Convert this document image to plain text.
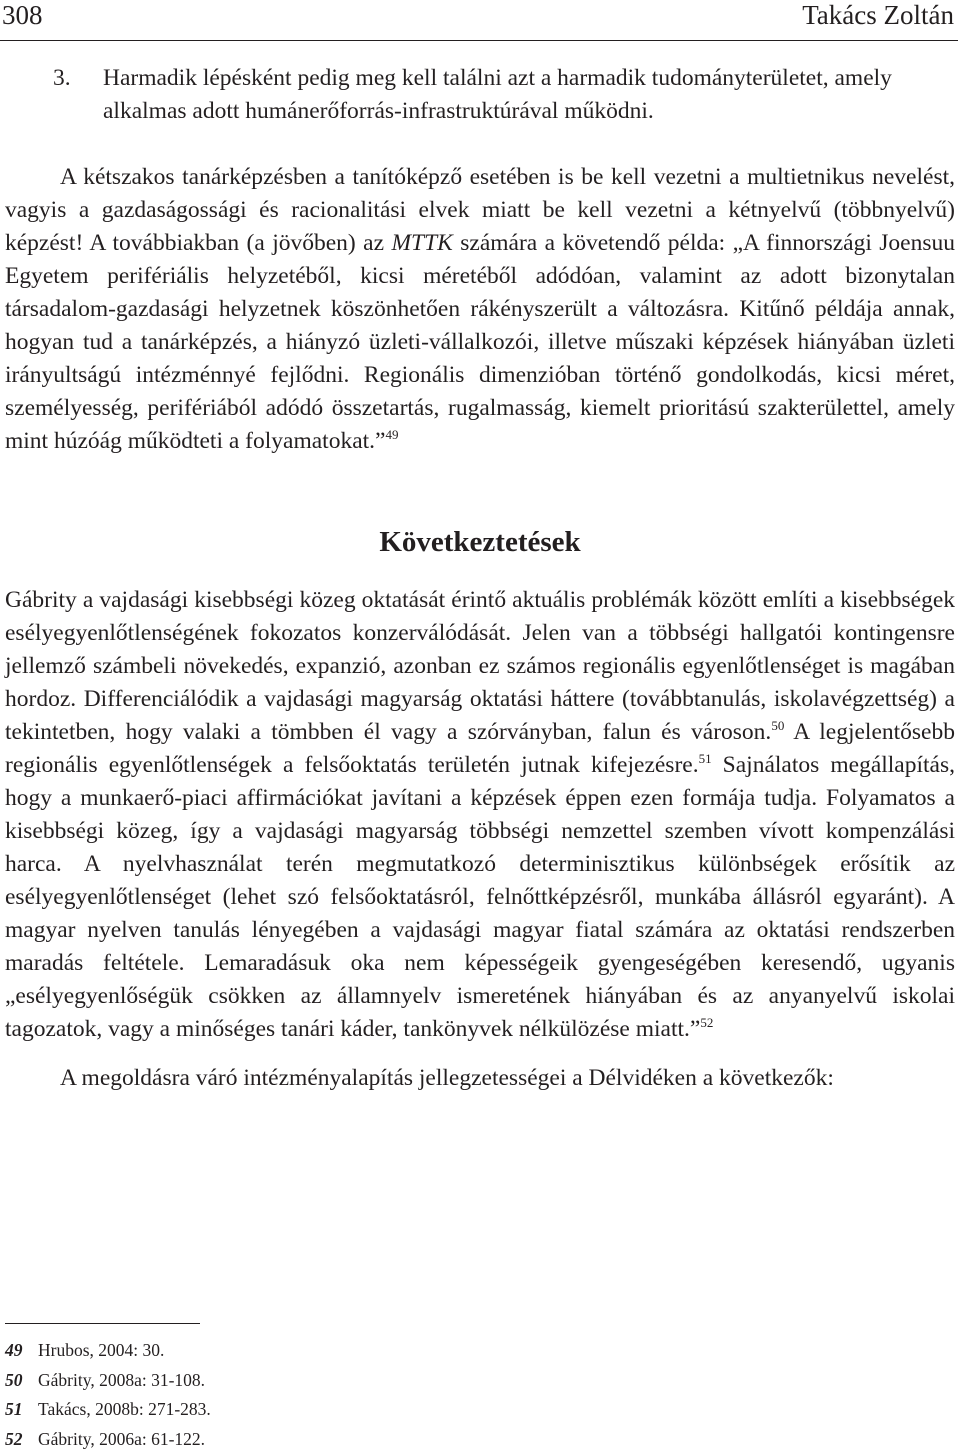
308	Takács Zoltán

3. Harmadik lépésként pedig meg kell találni azt a harmadik tudományterületet, amely alkalmas adott humánerőforrás-infrastruktúrával működni.

A kétszakos tanárképzésben a tanítóképző esetében is be kell vezetni a multietnikus nevelést, vagyis a gazdaságossági és racionalitási elvek miatt be kell vezetni a kétnyelvű (többnyelvű) képzést! A továbbiakban (a jövőben) az MTTK számára a követendő példa: „A finnországi Joensuu Egyetem perifériális helyzetéből, kicsi méretéből adódóan, valamint az adott bizonytalan társadalom-gazdasági helyzetnek köszönhetően rákényszerült a változásra. Kitűnő példája annak, hogyan tud a tanárképzés, a hiányzó üzleti-vállalkozói, illetve műszaki képzések hiányában üzleti irányultságú intézménnyé fejlődni. Regionális dimenzióban történő gondolkodás, kicsi méret, személyesség, perifériából adódó összetartás, rugalmasság, kiemelt prioritású szakterülettel, amely mint húzóág működteti a folyamatokat.”$^{49}$

Következtetések

Gábrity a vajdasági kisebbségi közeg oktatását érintő aktuális problémák között említi a kisebbségek esélyegyenlőtlenségének fokozatos konzerválódását. Jelen van a többségi hallgatói kontingensre jellemző számbeli növekedés, expanzió, azonban ez számos regionális egyenlőtlenséget is magában hordoz. Differenciálódik a vajdasági magyarság oktatási háttere (továbbtanulás, iskolavégzettség) a tekintetben, hogy valaki a tömbben él vagy a szórványban, falun és városon.$^{50}$ A legjelentősebb regionális egyenlőtlenségek a felsőoktatás területén jutnak kifejezésre.$^{51}$ Sajnálatos megállapítás, hogy a munkaerő-piaci affirmációkat javítani a képzések éppen ezen formája tudja. Folyamatos a kisebbségi közeg, így a vajdasági magyarság többségi nemzettel szemben vívott kompenzálási harca. A nyelvhasználat terén megmutatkozó determinisztikus különbségek erősítik az esélyegyenlőtlenséget (lehet szó felsőoktatásról, felnőttképzésről, munkába állásról egyaránt). A magyar nyelven tanulás lényegében a vajdasági magyar fiatal számára az oktatási rendszerben maradás feltétele. Lemaradásuk oka nem képességeik gyengeségében keresendő, ugyanis „esélyegyenlőségük csökken az államnyelv ismeretének hiányában és az anyanyelvű iskolai tagozatok, vagy a minőséges tanári káder, tankönyvek nélkülözése miatt.”$^{52}$

A megoldásra váró intézményalapítás jellegzetességei a Délvidéken a következők:

49 Hrubos, 2004: 30.
50 Gábrity, 2008a: 31-108.
51 Takács, 2008b: 271-283.
52 Gábrity, 2006a: 61-122.
